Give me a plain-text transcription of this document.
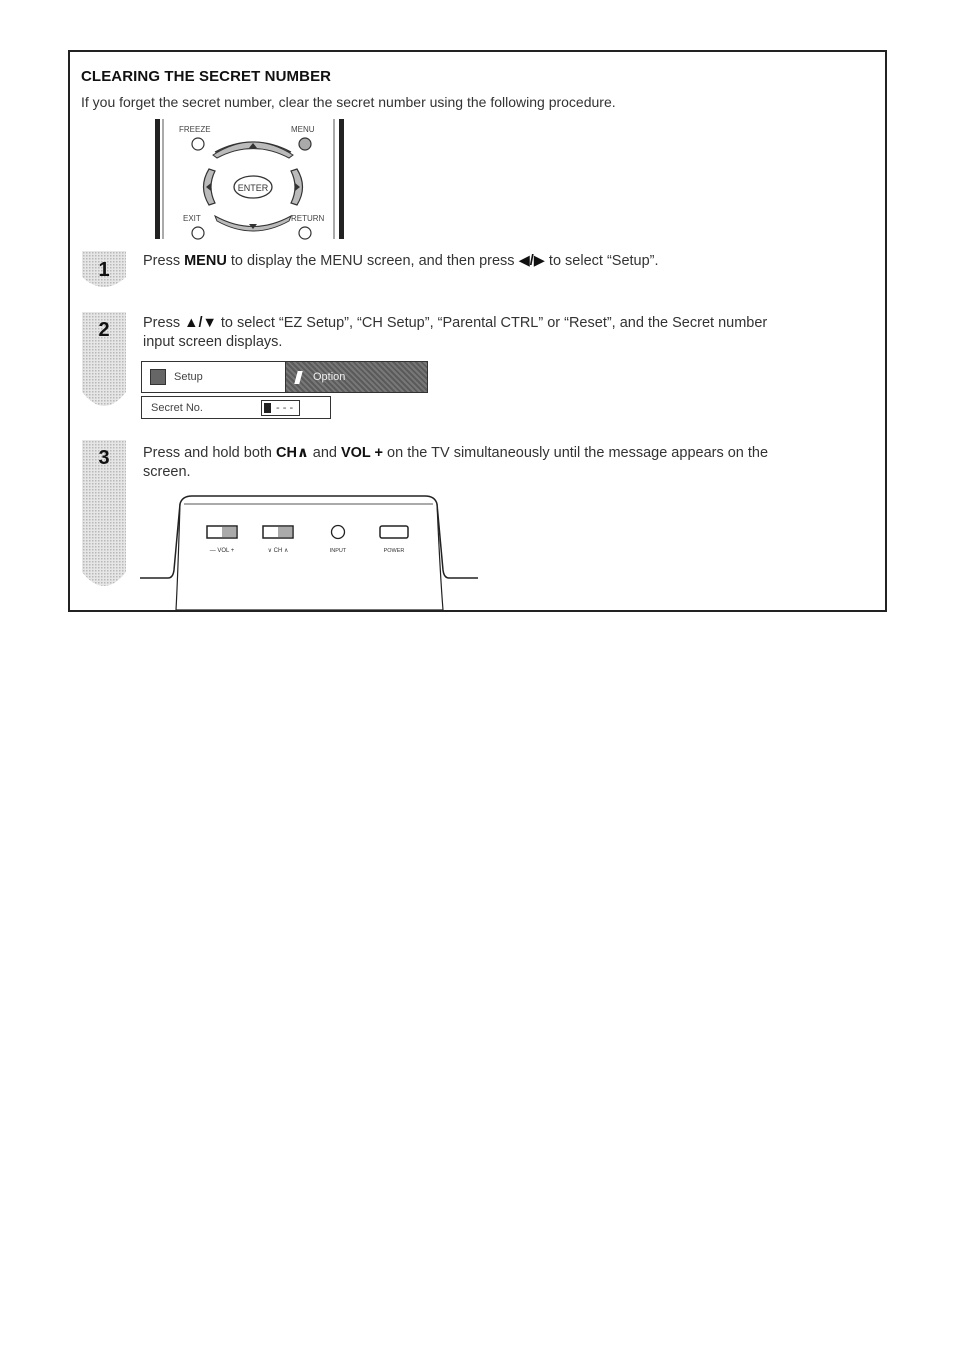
CLEARING THE SECRET NUMBER
If you forget the secret number, clear the secret number using the following procedure.
FREEZE	MENU
ENTER
EXIT	RETURN
1
2
3
Press MENU to display the MENU screen, and then press ◀/▶ to select “Setup”.
Press ▲/▼ to select “EZ Setup”, “CH Setup”, “Parental CTRL” or “Reset”, and the Secret number
input screen displays.
Setup	Option
Secret No.	- - -
Press and hold both CH∧ and VOL + on the TV simultaneously until the message appears on the
screen.
— VOL +	∨ CH ∧	INPUT	POWER
